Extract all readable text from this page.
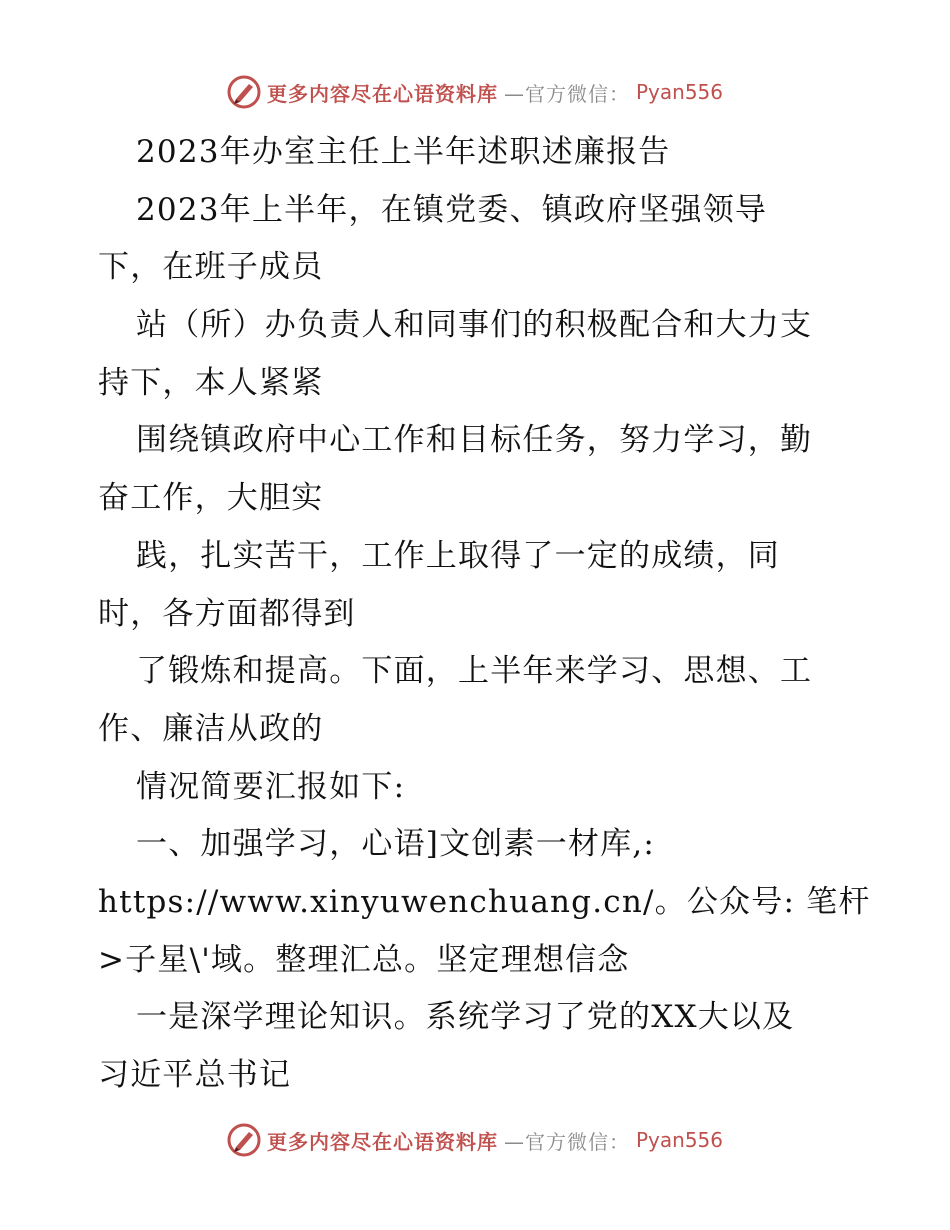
更多内容尽在心语资料库 —官方微信： Pyan556
2023年办室主任上半年述职述廉报告
2023年上半年，在镇党委、镇政府坚强领导
下，在班子成员
站（所）办负责人和同事们的积极配合和大力支
持下，本人紧紧
围绕镇政府中心工作和目标任务，努力学习，勤
奋工作，大胆实
践，扎实苦干，工作上取得了一定的成绩，同
时，各方面都得到
了锻炼和提高。下面，上半年来学习、思想、工
作、廉洁从政的
情况简要汇报如下:
一、加强学习，心语]文创素一材库,:
https://www.xinyuwenchuang.cn/。公众号: 笔杆
>子星\'域。整理汇总。坚定理想信念
一是深学理论知识。系统学习了党的XX大以及
习近平总书记
更多内容尽在心语资料库 —官方微信： Pyan556
